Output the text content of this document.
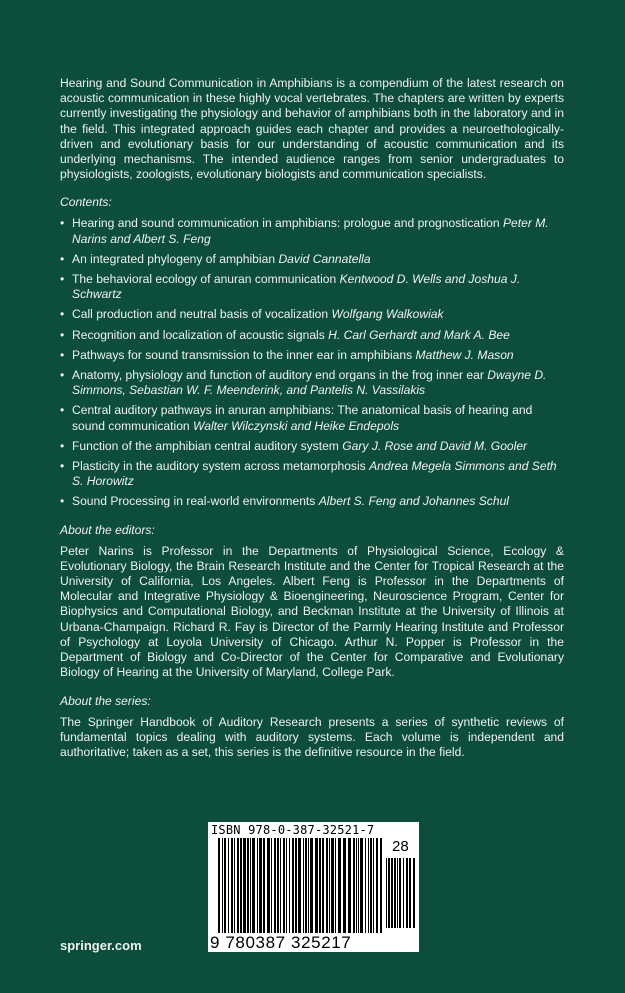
Hearing and Sound Communication in Amphibians is a compendium of the latest research on acoustic communication in these highly vocal vertebrates. The chapters are written by experts currently investigating the physiology and behavior of amphibians both in the laboratory and in the field. This integrated approach guides each chapter and provides a neuroethologically-driven and evolutionary basis for our understanding of acoustic communication and its underlying mechanisms. The intended audience ranges from senior undergraduates to physiologists, zoologists, evolutionary biologists and communication specialists.

Contents:
• Hearing and sound communication in amphibians: prologue and prognostication Peter M. Narins and Albert S. Feng
• An integrated phylogeny of amphibian David Cannatella
• The behavioral ecology of anuran communication Kentwood D. Wells and Joshua J. Schwartz
• Call production and neutral basis of vocalization Wolfgang Walkowiak
• Recognition and localization of acoustic signals H. Carl Gerhardt and Mark A. Bee
• Pathways for sound transmission to the inner ear in amphibians Matthew J. Mason
• Anatomy, physiology and function of auditory end organs in the frog inner ear Dwayne D. Simmons, Sebastian W. F. Meenderink, and Pantelis N. Vassilakis
• Central auditory pathways in anuran amphibians: The anatomical basis of hearing and sound communication Walter Wilczynski and Heike Endepols
• Function of the amphibian central auditory system Gary J. Rose and David M. Gooler
• Plasticity in the auditory system across metamorphosis Andrea Megela Simmons and Seth S. Horowitz
• Sound Processing in real-world environments Albert S. Feng and Johannes Schul
About the editors:

Peter Narins is Professor in the Departments of Physiological Science, Ecology & Evolutionary Biology, the Brain Research Institute and the Center for Tropical Research at the University of California, Los Angeles. Albert Feng is Professor in the Departments of Molecular and Integrative Physiology & Bioengineering, Neuroscience Program, Center for Biophysics and Computational Biology, and Beckman Institute at the University of Illinois at Urbana-Champaign. Richard R. Fay is Director of the Parmly Hearing Institute and Professor of Psychology at Loyola University of Chicago. Arthur N. Popper is Professor in the Department of Biology and Co-Director of the Center for Comparative and Evolutionary Biology of Hearing at the University of Maryland, College Park.

About the series:

The Springer Handbook of Auditory Research presents a series of synthetic reviews of fundamental topics dealing with auditory systems. Each volume is independent and authoritative; taken as a set, this series is the definitive resource in the field.

ISBN 978-0-387-32521-7
28
9 780387 325217
springer.com
